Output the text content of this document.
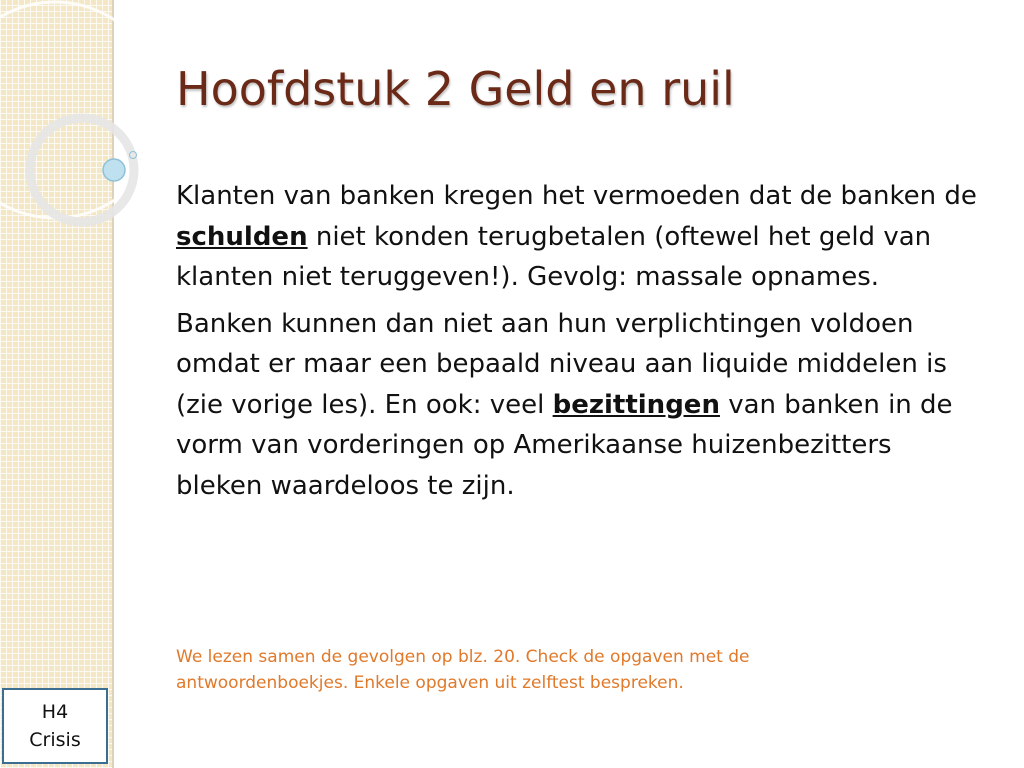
Hoofdstuk 2 Geld en ruil

Klanten van banken kregen het vermoeden dat de banken de schulden niet konden terugbetalen (oftewel het geld van klanten niet teruggeven!). Gevolg: massale opnames.

Banken kunnen dan niet aan hun verplichtingen voldoen omdat er maar een bepaald niveau aan liquide middelen is (zie vorige les). En ook: veel bezittingen van banken in de vorm van vorderingen op Amerikaanse huizenbezitters bleken waardeloos te zijn.

We lezen samen de gevolgen op blz. 20. Check de opgaven met de antwoordenboekjes. Enkele opgaven uit zelftest bespreken.
H4
Crisis
